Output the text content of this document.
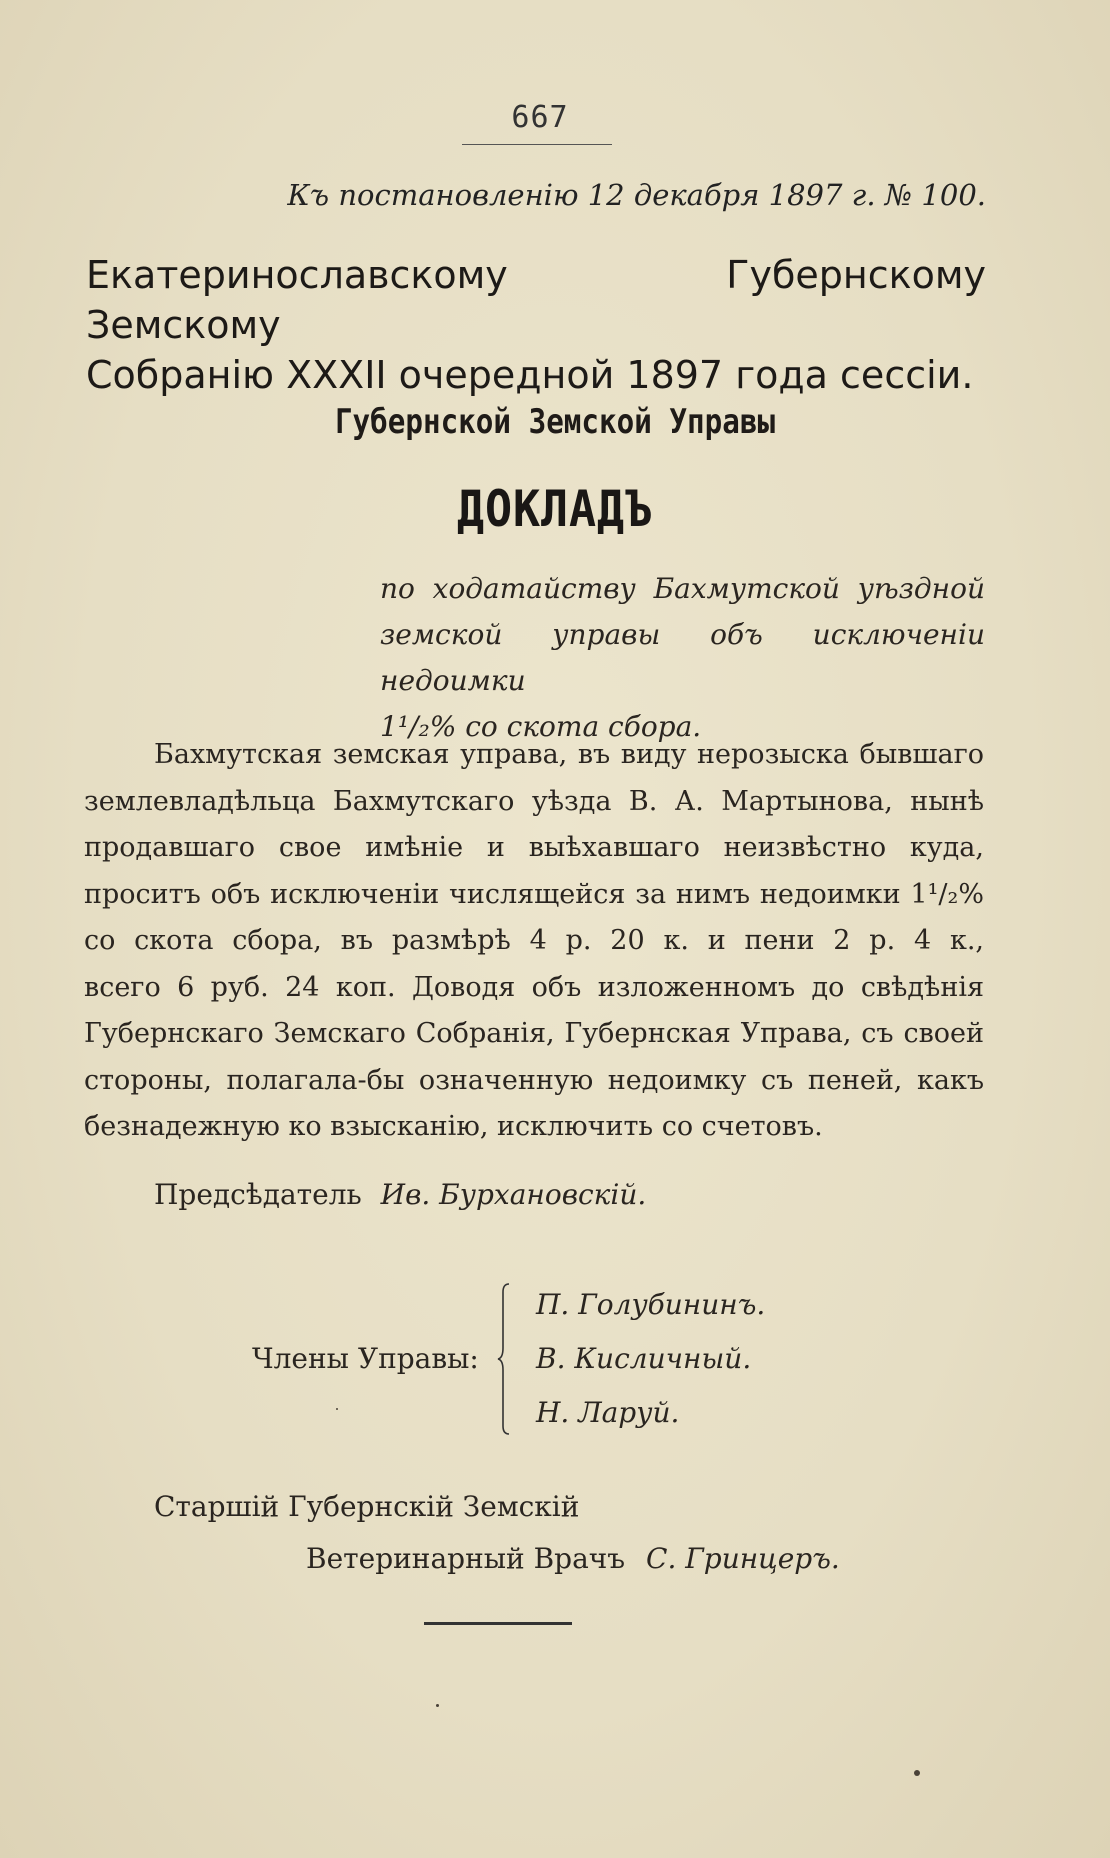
667
Къ постановленію 12 декабря 1897 г. № 100.
Екатеринославскому Губернскому Земскому
Собранію XXXII очередной 1897 года сессіи.
Губернской Земской Управы
ДОКЛАДЪ
по ходатайству Бахмутской уѣздной
земской управы объ исключеніи недоимки
1¹/₂% со скота сбора.
Бахмутская земская управа, въ виду нерозыска бывшаго
землевладѣльца Бахмутскаго уѣзда В. А. Мартынова, нынѣ
продавшаго свое имѣніе и выѣхавшаго неизвѣстно куда,
проситъ объ исключеніи числящейся за нимъ недоимки 1¹/₂%
со скота сбора, въ размѣрѣ 4 р. 20 к. и пени 2 р. 4 к.,
всего 6 руб. 24 коп. Доводя объ изложенномъ до свѣдѣнія
Губернскаго Земскаго Собранія, Губернская Управа, съ своей
стороны, полагала-бы означенную недоимку съ пеней, какъ
безнадежную ко взысканію, исключить со счетовъ.
Предсѣдатель Ив. Бурхановскій.
Члены Управы:
П. Голубининъ.
В. Кисличный.
Н. Ларуй.
Старшій Губернскій Земскій
Ветеринарный Врачъ С. Гринцеръ.
